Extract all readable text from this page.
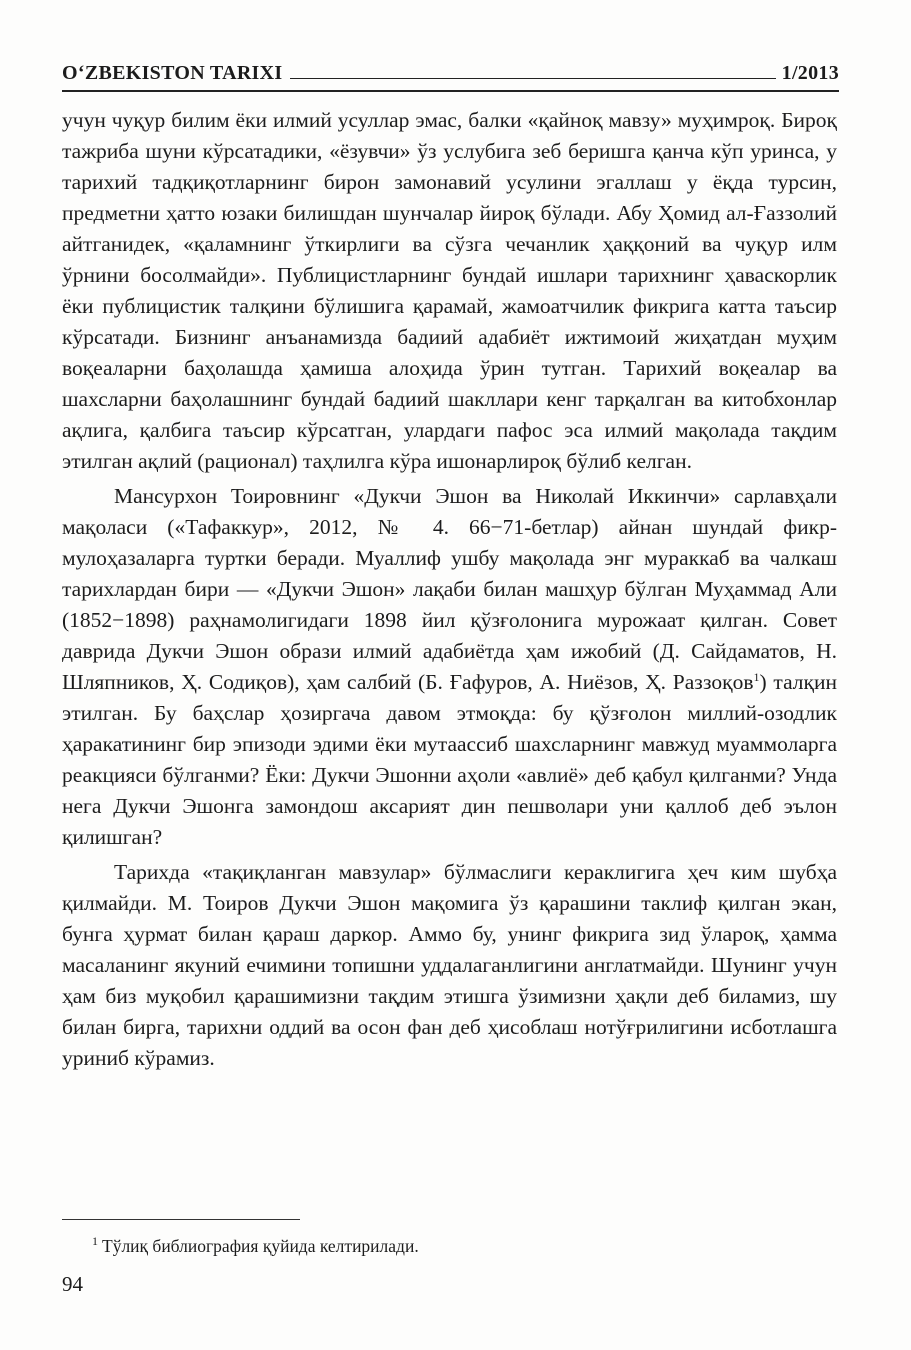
O‘ZBEKISTON TARIXI	1/2013

учун чуқур билим ёки илмий усуллар эмас, балки «қайноқ мавзу» муҳимроқ. Бироқ тажриба шуни кўрсатадики, «ёзувчи» ўз услубига зеб беришга қанча кўп уринса, у тарихий тадқиқотларнинг бирон замонавий усулини эгаллаш у ёқда турсин, предметни ҳатто юзаки билишдан шунчалар йироқ бўлади. Абу Ҳомид ал-Ғаззолий айтганидек, «қаламнинг ўткирлиги ва сўзга чечанлик ҳаққоний ва чуқур илм ўрнини босолмайди». Публицистларнинг бундай ишлари тарихнинг ҳаваскорлик ёки публицистик талқини бўлишига қарамай, жамоатчилик фикрига катта таъсир кўрсатади. Бизнинг анъанамизда бадиий адабиёт ижтимоий жиҳатдан муҳим воқеаларни баҳолашда ҳамиша алоҳида ўрин тутган. Тарихий воқеалар ва шахсларни баҳолашнинг бундай бадиий шакллари кенг тарқалган ва китобхонлар ақлига, қалбига таъсир кўрсатган, улардаги пафос эса илмий мақолада тақдим этилган ақлий (рационал) таҳлилга кўра ишонарлироқ бўлиб келган.

Мансурхон Тоировнинг «Дукчи Эшон ва Николай Иккинчи» сарлавҳали мақоласи («Тафаккур», 2012, № 4. 66−71-бетлар) айнан шундай фикр-мулоҳазаларга туртки беради. Муаллиф ушбу мақолада энг мураккаб ва чалкаш тарихлардан бири — «Дукчи Эшон» лақаби билан машҳур бўлган Муҳаммад Али (1852−1898) раҳнамолигидаги 1898 йил қўзғолонига мурожаат қилган. Совет даврида Дукчи Эшон образи илмий адабиётда ҳам ижобий (Д. Сайдаматов, Н. Шляпников, Ҳ. Содиқов), ҳам салбий (Б. Ғафуров, А. Ниёзов, Ҳ. Раззоқов$^1$) талқин этилган. Бу баҳслар ҳозиргача давом этмоқда: бу қўзғолон миллий-озодлик ҳаракатининг бир эпизоди эдими ёки мутаассиб шахсларнинг мавжуд муаммоларга реакцияси бўлганми? Ёки: Дукчи Эшонни аҳоли «авлиё» деб қабул қилганми? Унда нега Дукчи Эшонга замондош аксарият дин пешволари уни қаллоб деб эълон қилишган?

Тарихда «тақиқланган мавзулар» бўлмаслиги кераклигига ҳеч ким шубҳа қилмайди. М. Тоиров Дукчи Эшон мақомига ўз қарашини таклиф қилган экан, бунга ҳурмат билан қараш даркор. Аммо бу, унинг фикрига зид ўлароқ, ҳамма масаланинг якуний ечимини топишни уддалаганлигини англатмайди. Шунинг учун ҳам биз муқобил қарашимизни тақдим этишга ўзимизни ҳақли деб биламиз, шу билан бирга, тарихни оддий ва осон фан деб ҳисоблаш нотўғрилигини исботлашга уриниб кўрамиз.

$^1$ Тўлиқ библиография қуйида келтирилади.
94
